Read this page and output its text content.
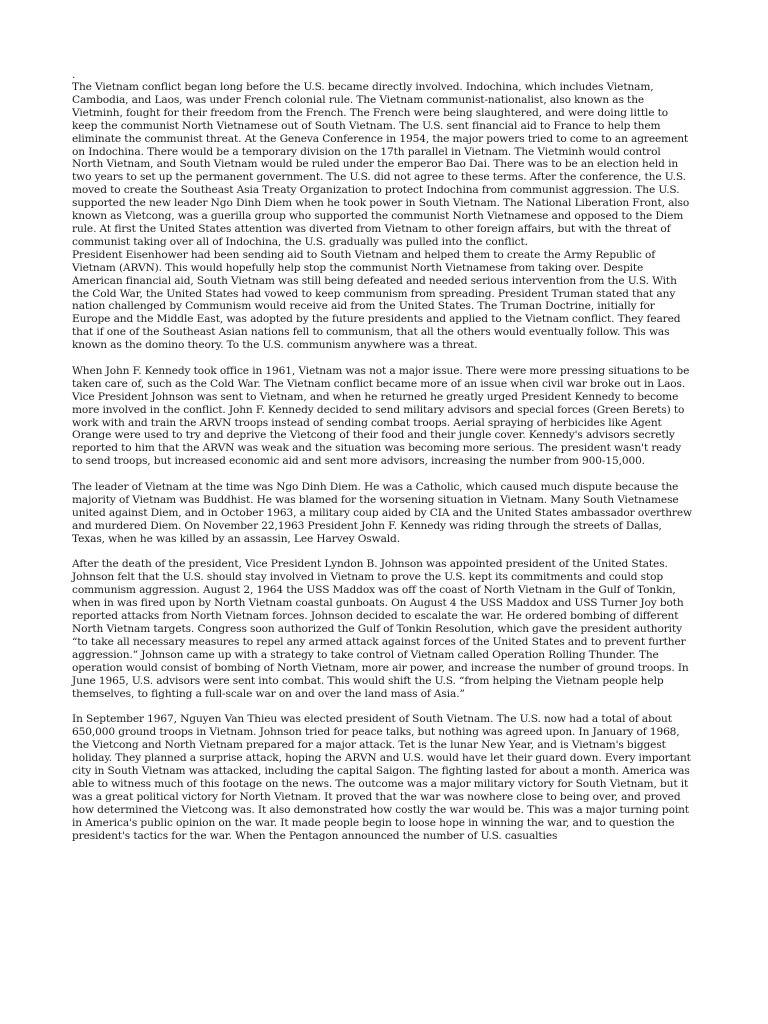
.

The Vietnam conflict began long before the U.S. became directly involved. Indochina, which includes Vietnam, Cambodia, and Laos, was under French colonial rule. The Vietnam communist-nationalist, also known as the Vietminh, fought for their freedom from the French. The French were being slaughtered, and were doing little to keep the communist North Vietnamese out of South Vietnam. The U.S. sent financial aid to France to help them eliminate the communist threat. At the Geneva Conference in 1954, the major powers tried to come to an agreement on Indochina. There would be a temporary division on the 17th parallel in Vietnam. The Vietminh would control North Vietnam, and South Vietnam would be ruled under the emperor Bao Dai. There was to be an election held in two years to set up the permanent government. The U.S. did not agree to these terms. After the conference, the U.S. moved to create the Southeast Asia Treaty Organization to protect Indochina from communist aggression. The U.S. supported the new leader Ngo Dinh Diem when he took power in South Vietnam. The National Liberation Front, also known as Vietcong, was a guerilla group who supported the communist North Vietnamese and opposed to the Diem rule. At first the United States attention was diverted from Vietnam to other foreign affairs, but with the threat of communist taking over all of Indochina, the U.S. gradually was pulled into the conflict.

President Eisenhower had been sending aid to South Vietnam and helped them to create the Army Republic of Vietnam (ARVN). This would hopefully help stop the communist North Vietnamese from taking over. Despite American financial aid, South Vietnam was still being defeated and needed serious intervention from the U.S. With the Cold War, the United States had vowed to keep communism from spreading. President Truman stated that any nation challenged by Communism would receive aid from the United States. The Truman Doctrine, initially for Europe and the Middle East, was adopted by the future presidents and applied to the Vietnam conflict. They feared that if one of the Southeast Asian nations fell to communism, that all the others would eventually follow. This was known as the domino theory. To the U.S. communism anywhere was a threat.

When John F. Kennedy took office in 1961, Vietnam was not a major issue. There were more pressing situations to be taken care of, such as the Cold War. The Vietnam conflict became more of an issue when civil war broke out in Laos. Vice President Johnson was sent to Vietnam, and when he returned he greatly urged President Kennedy to become more involved in the conflict. John F. Kennedy decided to send military advisors and special forces (Green Berets) to work with and train the ARVN troops instead of sending combat troops. Aerial spraying of herbicides like Agent Orange were used to try and deprive the Vietcong of their food and their jungle cover. Kennedy's advisors secretly reported to him that the ARVN was weak and the situation was becoming more serious. The president wasn't ready to send troops, but increased economic aid and sent more advisors, increasing the number from 900-15,000.

The leader of Vietnam at the time was Ngo Dinh Diem. He was a Catholic, which caused much dispute because the majority of Vietnam was Buddhist. He was blamed for the worsening situation in Vietnam. Many South Vietnamese united against Diem, and in October 1963, a military coup aided by CIA and the United States ambassador overthrew and murdered Diem. On November 22,1963 President John F. Kennedy was riding through the streets of Dallas, Texas, when he was killed by an assassin, Lee Harvey Oswald.

After the death of the president, Vice President Lyndon B. Johnson was appointed president of the United States. Johnson felt that the U.S. should stay involved in Vietnam to prove the U.S. kept its commitments and could stop communism aggression. August 2, 1964 the USS Maddox was off the coast of North Vietnam in the Gulf of Tonkin, when in was fired upon by North Vietnam coastal gunboats. On August 4 the USS Maddox and USS Turner Joy both reported attacks from North Vietnam forces. Johnson decided to escalate the war. He ordered bombing of different North Vietnam targets. Congress soon authorized the Gulf of Tonkin Resolution, which gave the president authority “to take all necessary measures to repel any armed attack against forces of the United States and to prevent further aggression.” Johnson came up with a strategy to take control of Vietnam called Operation Rolling Thunder. The operation would consist of bombing of North Vietnam, more air power, and increase the number of ground troops. In June 1965, U.S. advisors were sent into combat. This would shift the U.S. “from helping the Vietnam people help themselves, to fighting a full-scale war on and over the land mass of Asia.”

In September 1967, Nguyen Van Thieu was elected president of South Vietnam. The U.S. now had a total of about 650,000 ground troops in Vietnam. Johnson tried for peace talks, but nothing was agreed upon. In January of 1968, the Vietcong and North Vietnam prepared for a major attack. Tet is the lunar New Year, and is Vietnam's biggest holiday. They planned a surprise attack, hoping the ARVN and U.S. would have let their guard down. Every important city in South Vietnam was attacked, including the capital Saigon. The fighting lasted for about a month. America was able to witness much of this footage on the news. The outcome was a major military victory for South Vietnam, but it was a great political victory for North Vietnam. It proved that the war was nowhere close to being over, and proved how determined the Vietcong was. It also demonstrated how costly the war would be. This was a major turning point in America's public opinion on the war. It made people begin to loose hope in winning the war, and to question the president's tactics for the war. When the Pentagon announced the number of U.S. casualties
